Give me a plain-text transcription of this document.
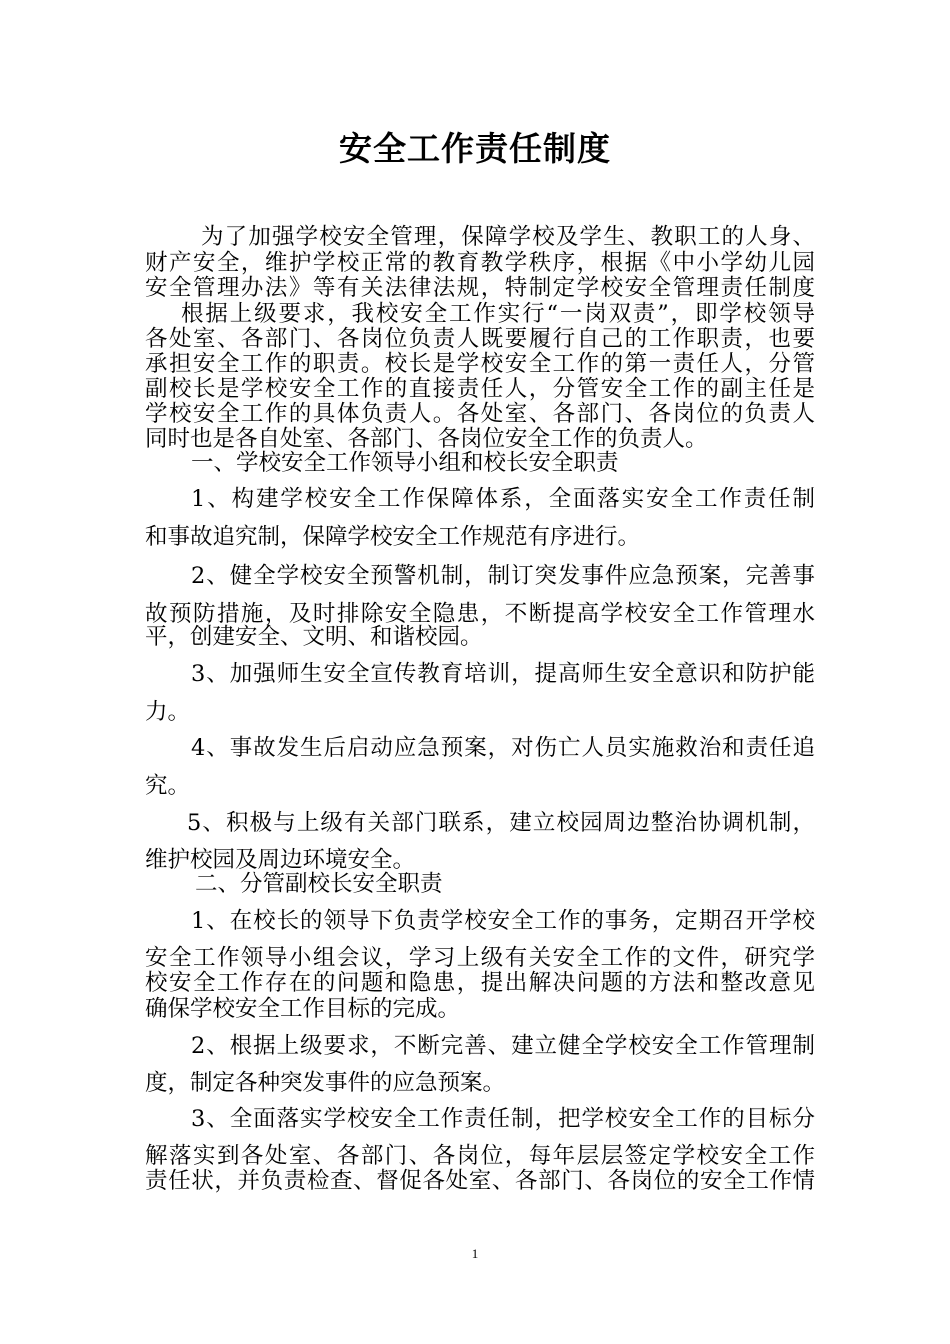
安全工作责任制度
为了加强学校安全管理，保障学校及学生、教职工的人身、
财产安全，维护学校正常的教育教学秩序，根据《中小学幼儿园
安全管理办法》等有关法律法规，特制定学校安全管理责任制度
根据上级要求，我校安全工作实行“一岗双责”，即学校领导
各处室、各部门、各岗位负责人既要履行自己的工作职责，也要
承担安全工作的职责。校长是学校安全工作的第一责任人，分管
副校长是学校安全工作的直接责任人，分管安全工作的副主任是
学校安全工作的具体负责人。各处室、各部门、各岗位的负责人
同时也是各自处室、各部门、各岗位安全工作的负责人。
一、学校安全工作领导小组和校长安全职责
1、构建学校安全工作保障体系，全面落实安全工作责任制
和事故追究制，保障学校安全工作规范有序进行。
2、健全学校安全预警机制，制订突发事件应急预案，完善事
故预防措施，及时排除安全隐患，不断提高学校安全工作管理水
平，创建安全、文明、和谐校园。
3、加强师生安全宣传教育培训，提高师生安全意识和防护能
力。
4、事故发生后启动应急预案，对伤亡人员实施救治和责任追
究。
5、积极与上级有关部门联系，建立校园周边整治协调机制，
维护校园及周边环境安全。
二、分管副校长安全职责
1、在校长的领导下负责学校安全工作的事务，定期召开学校
安全工作领导小组会议，学习上级有关安全工作的文件，研究学
校安全工作存在的问题和隐患，提出解决问题的方法和整改意见
确保学校安全工作目标的完成。
2、根据上级要求，不断完善、建立健全学校安全工作管理制
度，制定各种突发事件的应急预案。
3、全面落实学校安全工作责任制，把学校安全工作的目标分
解落实到各处室、各部门、各岗位，每年层层签定学校安全工作
责任状，并负责检查、督促各处室、各部门、各岗位的安全工作情
1
